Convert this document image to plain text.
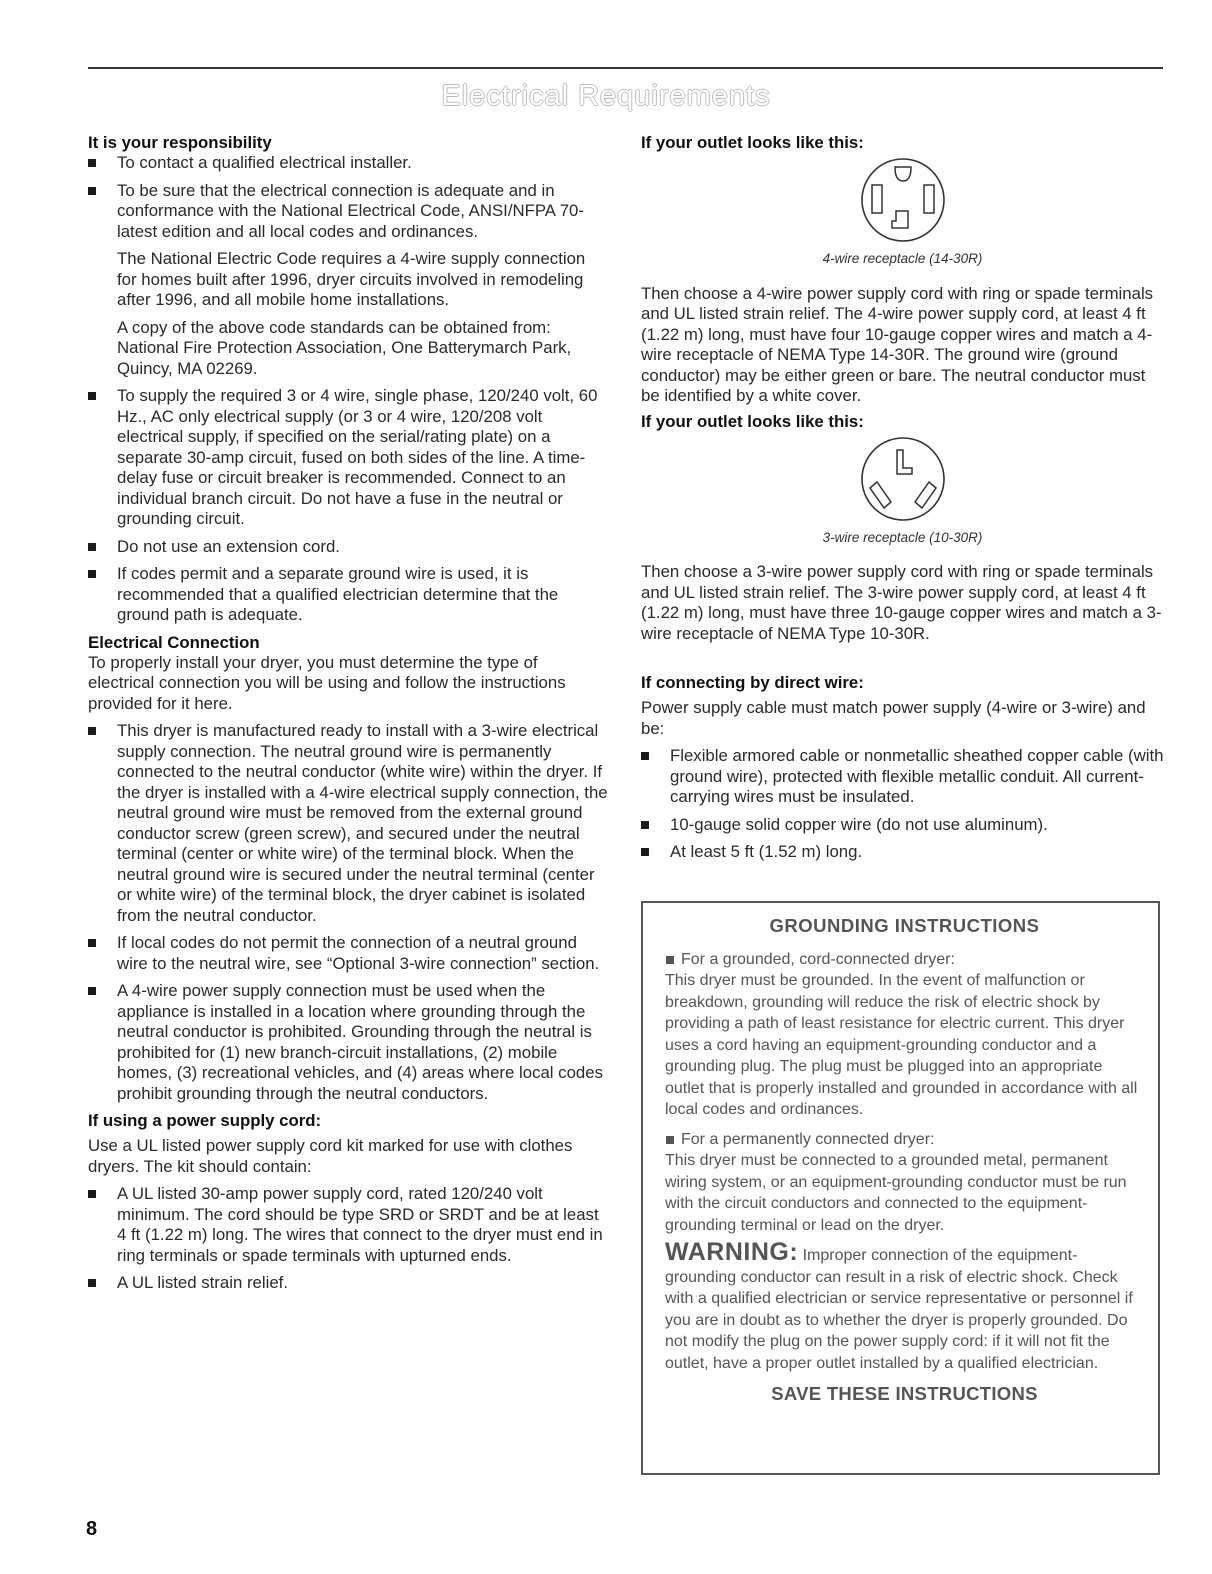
Electrical Requirements
It is your responsibility
To contact a qualified electrical installer.
To be sure that the electrical connection is adequate and in conformance with the National Electrical Code, ANSI/NFPA 70-latest edition and all local codes and ordinances.

The National Electric Code requires a 4-wire supply connection for homes built after 1996, dryer circuits involved in remodeling after 1996, and all mobile home installations.

A copy of the above code standards can be obtained from: National Fire Protection Association, One Batterymarch Park, Quincy, MA 02269.

To supply the required 3 or 4 wire, single phase, 120/240 volt, 60 Hz., AC only electrical supply (or 3 or 4 wire, 120/208 volt electrical supply, if specified on the serial/rating plate) on a separate 30-amp circuit, fused on both sides of the line. A time-delay fuse or circuit breaker is recommended. Connect to an individual branch circuit. Do not have a fuse in the neutral or grounding circuit.
Do not use an extension cord.
If codes permit and a separate ground wire is used, it is recommended that a qualified electrician determine that the ground path is adequate.
Electrical Connection

To properly install your dryer, you must determine the type of electrical connection you will be using and follow the instructions provided for it here.

This dryer is manufactured ready to install with a 3-wire electrical supply connection. The neutral ground wire is permanently connected to the neutral conductor (white wire) within the dryer. If the dryer is installed with a 4-wire electrical supply connection, the neutral ground wire must be removed from the external ground conductor screw (green screw), and secured under the neutral terminal (center or white wire) of the terminal block. When the neutral ground wire is secured under the neutral terminal (center or white wire) of the terminal block, the dryer cabinet is isolated from the neutral conductor.
If local codes do not permit the connection of a neutral ground wire to the neutral wire, see “Optional 3-wire connection” section.
A 4-wire power supply connection must be used when the appliance is installed in a location where grounding through the neutral conductor is prohibited. Grounding through the neutral is prohibited for (1) new branch-circuit installations, (2) mobile homes, (3) recreational vehicles, and (4) areas where local codes prohibit grounding through the neutral conductors.
If using a power supply cord:

Use a UL listed power supply cord kit marked for use with clothes dryers. The kit should contain:

A UL listed 30-amp power supply cord, rated 120/240 volt minimum. The cord should be type SRD or SRDT and be at least 4 ft (1.22 m) long. The wires that connect to the dryer must end in ring terminals or spade terminals with upturned ends.
A UL listed strain relief.
If your outlet looks like this:
4-wire receptacle (14-30R)

Then choose a 4-wire power supply cord with ring or spade terminals and UL listed strain relief. The 4-wire power supply cord, at least 4 ft (1.22 m) long, must have four 10-gauge copper wires and match a 4-wire receptacle of NEMA Type 14-30R. The ground wire (ground conductor) may be either green or bare. The neutral conductor must be identified by a white cover.

If your outlet looks like this:
3-wire receptacle (10-30R)

Then choose a 3-wire power supply cord with ring or spade terminals and UL listed strain relief. The 3-wire power supply cord, at least 4 ft (1.22 m) long, must have three 10-gauge copper wires and match a 3-wire receptacle of NEMA Type 10-30R.

If connecting by direct wire:

Power supply cable must match power supply (4-wire or 3-wire) and be:

Flexible armored cable or nonmetallic sheathed copper cable (with ground wire), protected with flexible metallic conduit. All current-carrying wires must be insulated.
10-gauge solid copper wire (do not use aluminum).
At least 5 ft (1.52 m) long.
GROUNDING INSTRUCTIONS
For a grounded, cord-connected dryer:

This dryer must be grounded. In the event of malfunction or breakdown, grounding will reduce the risk of electric shock by providing a path of least resistance for electric current. This dryer uses a cord having an equipment-grounding conductor and a grounding plug. The plug must be plugged into an appropriate outlet that is properly installed and grounded in accordance with all local codes and ordinances.

For a permanently connected dryer:

This dryer must be connected to a grounded metal, permanent wiring system, or an equipment-grounding conductor must be run with the circuit conductors and connected to the equipment-grounding terminal or lead on the dryer.

WARNING: Improper connection of the equipment-grounding conductor can result in a risk of electric shock. Check with a qualified electrician or service representative or personnel if you are in doubt as to whether the dryer is properly grounded. Do not modify the plug on the power supply cord: if it will not fit the outlet, have a proper outlet installed by a qualified electrician.

SAVE THESE INSTRUCTIONS
8
